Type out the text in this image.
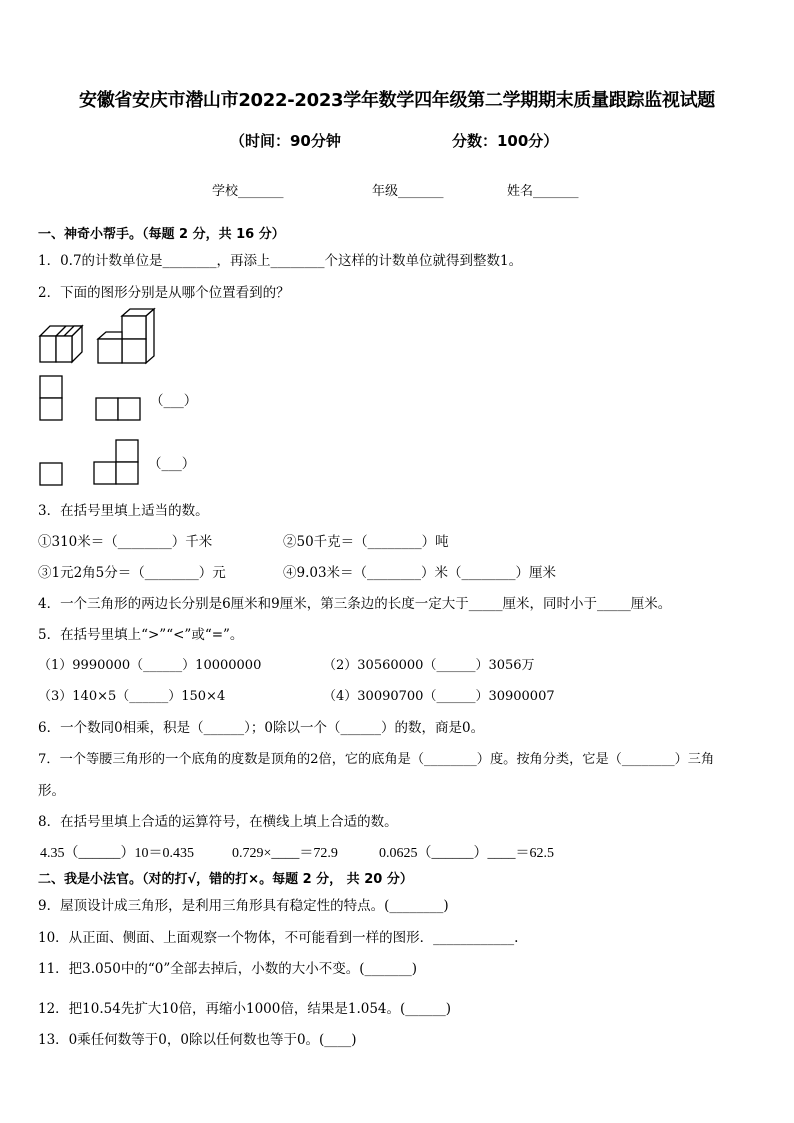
安徽省安庆市潜山市2022-2023学年数学四年级第二学期期末质量跟踪监视试题
（时间：90分钟	分数：100分）
学校_______	年级_______	姓名_______
一、神奇小帮手。（每题 2 分，共 16 分）
1．0.7的计数单位是________，再添上________个这样的计数单位就得到整数1。
2．下面的图形分别是从哪个位置看到的？
（___）
（___）
3．在括号里填上适当的数。
①310米＝（________）千米	②50千克＝（________）吨
③1元2角5分＝（________）元	④9.03米＝（________）米（________）厘米
4．一个三角形的两边长分别是6厘米和9厘米，第三条边的长度一定大于_____厘米，同时小于_____厘米。
5．在括号里填上“>”“<”或“=”。
（1）9990000（______）10000000	（2）30560000（______）3056万
（3）140×5（______）150×4	（4）30090700（______）30900007
6．一个数同0相乘，积是（______）；0除以一个（______）的数，商是0。
7．一个等腰三角形的一个底角的度数是顶角的2倍，它的底角是（________）度。按角分类，它是（________）三角
形。
8．在括号里填上合适的运算符号，在横线上填上合适的数。
4.35（______）10＝0.435	0.729×____＝72.9	0.0625（______）____＝62.5
二、我是小法官。（对的打√，错的打×。每题 2 分， 共 20 分）
9．屋顶设计成三角形，是利用三角形具有稳定性的特点。(________)
10．从正面、侧面、上面观察一个物体，不可能看到一样的图形．____________.
11．把3.050中的“0”全部去掉后，小数的大小不变。(_______)
12．把10.54先扩大10倍，再缩小1000倍，结果是1.054。(______)
13．0乘任何数等于0，0除以任何数也等于0。(____)
